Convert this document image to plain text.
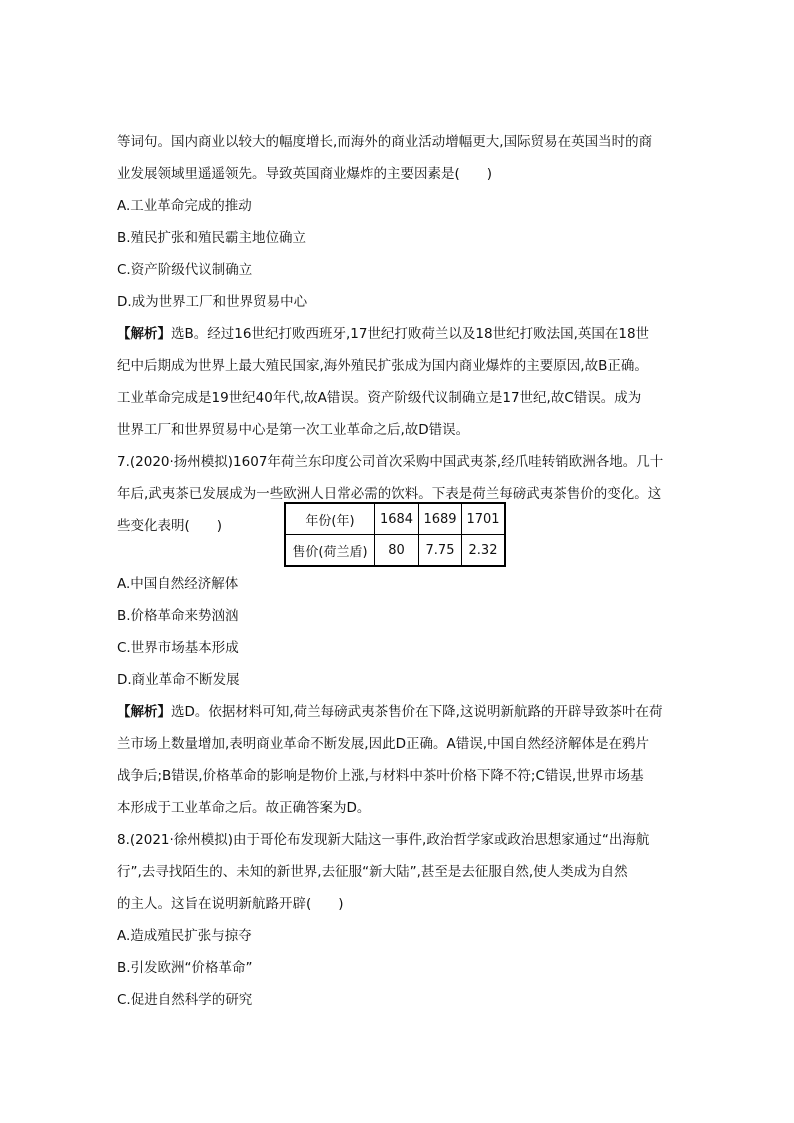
等词句。国内商业以较大的幅度增长,而海外的商业活动增幅更大,国际贸易在英国当时的商
业发展领域里遥遥领先。导致英国商业爆炸的主要因素是(　　)
A.工业革命完成的推动
B.殖民扩张和殖民霸主地位确立
C.资产阶级代议制确立
D.成为世界工厂和世界贸易中心
【解析】选B。经过16世纪打败西班牙,17世纪打败荷兰以及18世纪打败法国,英国在18世
纪中后期成为世界上最大殖民国家,海外殖民扩张成为国内商业爆炸的主要原因,故B正确。
工业革命完成是19世纪40年代,故A错误。资产阶级代议制确立是17世纪,故C错误。成为
世界工厂和世界贸易中心是第一次工业革命之后,故D错误。
7.(2020·扬州模拟)1607年荷兰东印度公司首次采购中国武夷茶,经爪哇转销欧洲各地。几十
年后,武夷茶已发展成为一些欧洲人日常必需的饮料。下表是荷兰每磅武夷茶售价的变化。这
些变化表明(　　)	年份(年)	1684	1689	1701
售价(荷兰盾)	80	7.75	2.32
A.中国自然经济解体
B.价格革命来势汹汹
C.世界市场基本形成
D.商业革命不断发展
【解析】选D。依据材料可知,荷兰每磅武夷茶售价在下降,这说明新航路的开辟导致茶叶在荷
兰市场上数量增加,表明商业革命不断发展,因此D正确。A错误,中国自然经济解体是在鸦片
战争后;B错误,价格革命的影响是物价上涨,与材料中茶叶价格下降不符;C错误,世界市场基
本形成于工业革命之后。故正确答案为D。
8.(2021·徐州模拟)由于哥伦布发现新大陆这一事件,政治哲学家或政治思想家通过“出海航
行”,去寻找陌生的、未知的新世界,去征服“新大陆”,甚至是去征服自然,使人类成为自然
的主人。这旨在说明新航路开辟(　　)
A.造成殖民扩张与掠夺
B.引发欧洲“价格革命”
C.促进自然科学的研究
